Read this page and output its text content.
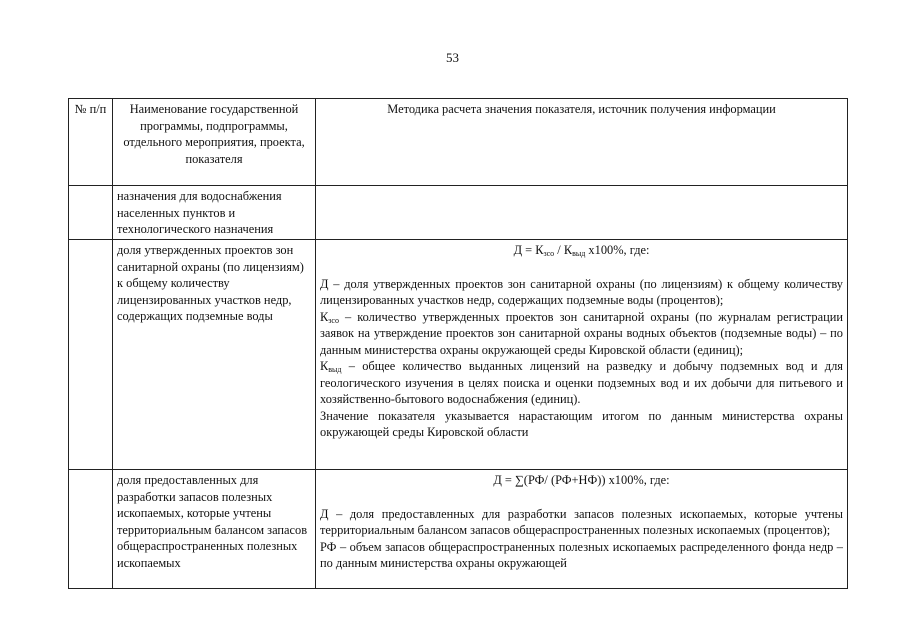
53
№ п/п	Наименование государственной программы, подпрограммы, отдельного мероприятия, проекта, показателя	Методика расчета значения показателя, источник получения информации
	назначения для водоснабжения населенных пунктов и технологического назначения	
	доля утвержденных проектов зон санитарной охраны (по лицензиям) к общему количеству лицензированных участков недр, содержащих подземные воды	$Д = К_{зсо} / К_{выд}$ х100%, где:

Д – доля утвержденных проектов зон санитарной охраны (по лицензиям) к общему количеству лицензированных участков недр, содержащих подземные воды (процентов);

$К_{зсо}$ – количество утвержденных проектов зон санитарной охраны (по журналам регистрации заявок на утверждение проектов зон санитарной охраны водных объектов (подземные воды) – по данным министерства охраны окружающей среды Кировской области (единиц);

$К_{выд}$ – общее количество выданных лицензий на разведку и добычу подземных вод и для геологического изучения в целях поиска и оценки подземных вод и их добычи для питьевого и хозяйственно-бытового водоснабжения (единиц).

Значение показателя указывается нарастающим итогом по данным министерства охраны окружающей среды Кировской области

	доля предоставленных для разработки запасов полезных ископаемых, которые учтены территориальным балансом запасов общераспространенных полезных ископаемых	Д = ∑(РФ/ (РФ+НФ)) х100%, где:

Д – доля предоставленных для разработки запасов полезных ископаемых, которые учтены территориальным балансом запасов общераспространенных полезных ископаемых (процентов);

РФ – объем запасов общераспространенных полезных ископаемых распределенного фонда недр – по данным министерства охраны окружающей
